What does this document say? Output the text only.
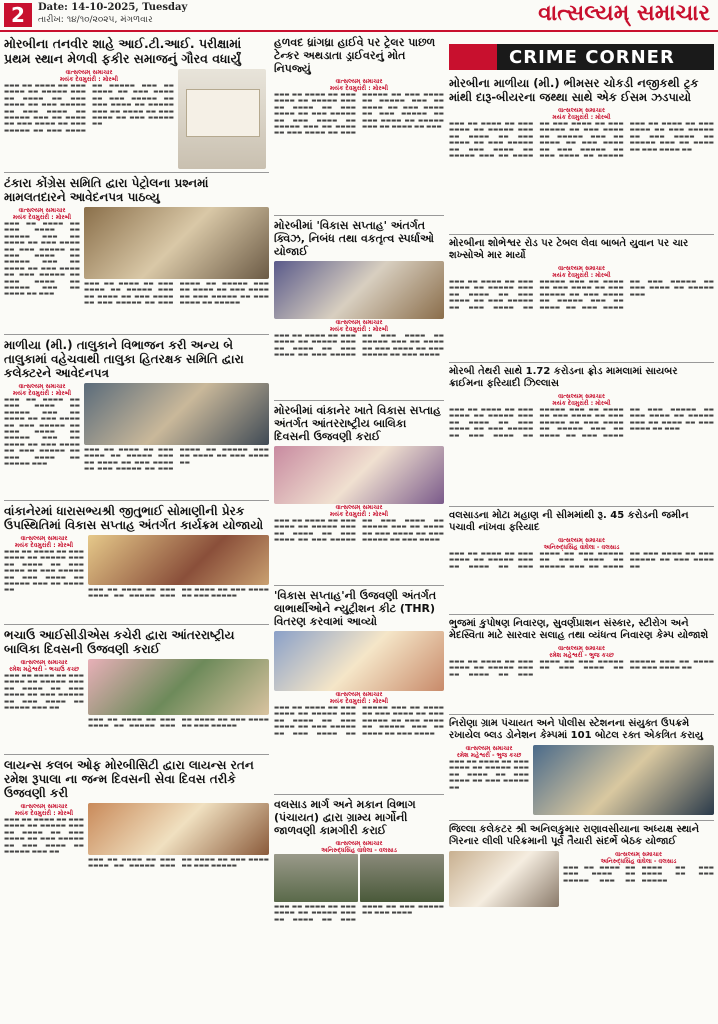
2	Date: 14-10-2025, Tuesday
તારીખ: ૧૪/૧૦/૨૦૨૫, મંગળવાર	વાત્સલ્યમ્ સમાચાર
મોરબીના તનવીર શાહે આઈ.ટી.આઈ. પરીક્ષામાં પ્રથમ સ્થાન મેળવી ફકીર સમાજનું ગૌરવ વધાર્યું
વાત્સલ્યમ્ સમાચાર
મયંક દેવમુરારી : મોરબી
▬▬▬ ▬▬ ▬▬▬▬ ▬▬ ▬▬▬ ▬▬▬▬ ▬▬ ▬▬▬▬▬ ▬▬▬ ▬▬ ▬▬▬▬ ▬▬ ▬▬▬ ▬▬▬▬ ▬▬ ▬▬▬ ▬▬▬▬▬ ▬▬ ▬▬▬ ▬▬▬▬ ▬▬ ▬▬▬▬▬ ▬▬▬ ▬▬ ▬▬▬▬ ▬▬ ▬▬▬ ▬▬▬▬ ▬▬ ▬▬▬ ▬▬▬▬▬ ▬▬ ▬▬▬ ▬▬▬▬ ▬▬ ▬▬▬▬▬ ▬▬▬ ▬▬ ▬▬▬▬ ▬▬ ▬▬▬ ▬▬▬▬ ▬▬ ▬▬▬ ▬▬▬▬▬ ▬▬ ▬▬▬ ▬▬▬▬ ▬▬ ▬▬▬▬▬ ▬▬▬ ▬▬ ▬▬▬▬ ▬▬ ▬▬▬ ▬▬▬▬ ▬▬ ▬▬▬ ▬▬▬▬▬ ▬▬
ટંકારા કોંગ્રેસ સમિતિ દ્વારા પેટ્રોલના પ્રશ્નમાં મામલતદારને આવેદનપત્ર પાઠવ્યુ
વાત્સલ્યમ્ સમાચાર
મયંક દેવમુરારી : મોરબી
▬▬▬ ▬▬ ▬▬▬▬ ▬▬ ▬▬▬ ▬▬▬▬ ▬▬ ▬▬▬▬▬ ▬▬▬ ▬▬ ▬▬▬▬ ▬▬ ▬▬▬ ▬▬▬▬ ▬▬ ▬▬▬ ▬▬▬▬▬ ▬▬ ▬▬▬ ▬▬▬▬ ▬▬ ▬▬▬▬▬ ▬▬▬ ▬▬ ▬▬▬▬ ▬▬ ▬▬▬ ▬▬▬▬ ▬▬ ▬▬▬ ▬▬▬▬▬ ▬▬ ▬▬▬ ▬▬▬▬ ▬▬ ▬▬▬▬▬ ▬▬▬ ▬▬ ▬▬▬▬ ▬▬ ▬▬▬
▬▬▬ ▬▬ ▬▬▬▬ ▬▬ ▬▬▬ ▬▬▬▬ ▬▬ ▬▬▬▬▬ ▬▬▬ ▬▬ ▬▬▬▬ ▬▬ ▬▬▬ ▬▬▬▬ ▬▬ ▬▬▬ ▬▬▬▬▬ ▬▬ ▬▬▬ ▬▬▬▬ ▬▬ ▬▬▬▬▬ ▬▬▬ ▬▬ ▬▬▬▬ ▬▬ ▬▬▬ ▬▬▬▬ ▬▬ ▬▬▬ ▬▬▬▬▬ ▬▬ ▬▬▬ ▬▬▬▬ ▬▬ ▬▬▬▬▬
માળીયા (મી.) તાલુકાને વિભાજન કરી અન્ય બે તાલુકામાં વહેચવાથી તાલુકા હિતરક્ષક સમિતિ દ્વારા કલેક્ટરને આવેદનપત્ર
વાત્સલ્યમ્ સમાચાર
મયંક દેવમુરારી : મોરબી
▬▬▬ ▬▬ ▬▬▬▬ ▬▬ ▬▬▬ ▬▬▬▬ ▬▬ ▬▬▬▬▬ ▬▬▬ ▬▬ ▬▬▬▬ ▬▬ ▬▬▬ ▬▬▬▬ ▬▬ ▬▬▬ ▬▬▬▬▬ ▬▬ ▬▬▬ ▬▬▬▬ ▬▬ ▬▬▬▬▬ ▬▬▬ ▬▬ ▬▬▬▬ ▬▬ ▬▬▬ ▬▬▬▬ ▬▬ ▬▬▬ ▬▬▬▬▬ ▬▬ ▬▬▬ ▬▬▬▬ ▬▬ ▬▬▬▬▬ ▬▬▬
▬▬▬ ▬▬ ▬▬▬▬ ▬▬ ▬▬▬ ▬▬▬▬ ▬▬ ▬▬▬▬▬ ▬▬▬ ▬▬ ▬▬▬▬ ▬▬ ▬▬▬ ▬▬▬▬ ▬▬ ▬▬▬ ▬▬▬▬▬ ▬▬ ▬▬▬ ▬▬▬▬ ▬▬ ▬▬▬▬▬ ▬▬▬ ▬▬ ▬▬▬▬ ▬▬ ▬▬▬ ▬▬▬▬ ▬▬
વાંકાનેરમાં ધારાસભ્યશ્રી જીતુભાઈ સોમાણીની પ્રેરક ઉપસ્થિતિમાં વિકાસ સપ્તાહ અંતર્ગત કાર્યક્રમ યોજાયો
વાત્સલ્યમ્ સમાચાર
મયંક દેવમુરારી : મોરબી
▬▬▬ ▬▬ ▬▬▬▬ ▬▬ ▬▬▬ ▬▬▬▬ ▬▬ ▬▬▬▬▬ ▬▬▬ ▬▬ ▬▬▬▬ ▬▬ ▬▬▬ ▬▬▬▬ ▬▬ ▬▬▬ ▬▬▬▬▬ ▬▬ ▬▬▬ ▬▬▬▬ ▬▬ ▬▬▬▬▬ ▬▬▬ ▬▬ ▬▬▬▬ ▬▬	▬▬▬ ▬▬ ▬▬▬▬ ▬▬ ▬▬▬ ▬▬▬▬ ▬▬ ▬▬▬▬▬ ▬▬▬ ▬▬ ▬▬▬▬ ▬▬ ▬▬▬ ▬▬▬▬ ▬▬ ▬▬▬ ▬▬▬▬▬
ભચાઉ આઈસીડીએસ કચેરી દ્વારા આંતરરાષ્ટ્રીય બાલિકા દિવસની ઉજવણી કરાઈ
વાત્સલ્યમ્ સમાચાર
રમેશ મહેશ્વરી - ભચાઉ કચ્છ
▬▬▬ ▬▬ ▬▬▬▬ ▬▬ ▬▬▬ ▬▬▬▬ ▬▬ ▬▬▬▬▬ ▬▬▬ ▬▬ ▬▬▬▬ ▬▬ ▬▬▬ ▬▬▬▬ ▬▬ ▬▬▬ ▬▬▬▬▬ ▬▬ ▬▬▬ ▬▬▬▬ ▬▬ ▬▬▬▬▬ ▬▬▬ ▬▬
▬▬▬ ▬▬ ▬▬▬▬ ▬▬ ▬▬▬ ▬▬▬▬ ▬▬ ▬▬▬▬▬ ▬▬▬ ▬▬ ▬▬▬▬ ▬▬ ▬▬▬ ▬▬▬▬ ▬▬ ▬▬▬ ▬▬▬▬▬
લાયન્સ કલબ ઓફ મોરબીસિટી દ્વારા લાયન્સ રતન રમેશ રૂપાલા ના જન્મ દિવસની સેવા દિવસ તરીકે ઉજવણી કરી
વાત્સલ્યમ્ સમાચાર
મયંક દેવમુરારી : મોરબી
▬▬▬ ▬▬ ▬▬▬▬ ▬▬ ▬▬▬ ▬▬▬▬ ▬▬ ▬▬▬▬▬ ▬▬▬ ▬▬ ▬▬▬▬ ▬▬ ▬▬▬ ▬▬▬▬ ▬▬ ▬▬▬ ▬▬▬▬▬ ▬▬ ▬▬▬ ▬▬▬▬ ▬▬ ▬▬▬▬▬ ▬▬▬ ▬▬
▬▬▬ ▬▬ ▬▬▬▬ ▬▬ ▬▬▬ ▬▬▬▬ ▬▬ ▬▬▬▬▬ ▬▬▬ ▬▬ ▬▬▬▬ ▬▬ ▬▬▬ ▬▬▬▬ ▬▬ ▬▬▬ ▬▬▬▬▬
હળવદ ધ્રાંગધ્રા હાઈવે પર ટ્રેલર પાછળ ટેન્કર અથડાતા ડ્રાઈવરનું મોત નિપજ્યું
વાત્સલ્યમ્ સમાચાર
મયંક દેવમુરારી : મોરબી
▬▬▬ ▬▬ ▬▬▬▬ ▬▬ ▬▬▬ ▬▬▬▬ ▬▬ ▬▬▬▬▬ ▬▬▬ ▬▬ ▬▬▬▬ ▬▬ ▬▬▬ ▬▬▬▬ ▬▬ ▬▬▬ ▬▬▬▬▬ ▬▬ ▬▬▬ ▬▬▬▬ ▬▬ ▬▬▬▬▬ ▬▬▬ ▬▬ ▬▬▬▬ ▬▬ ▬▬▬ ▬▬▬▬ ▬▬ ▬▬▬ ▬▬▬▬▬ ▬▬ ▬▬▬ ▬▬▬▬ ▬▬ ▬▬▬▬▬ ▬▬▬ ▬▬ ▬▬▬▬ ▬▬ ▬▬▬ ▬▬▬▬ ▬▬ ▬▬▬ ▬▬▬▬▬ ▬▬ ▬▬▬ ▬▬▬▬ ▬▬ ▬▬▬▬▬ ▬▬▬ ▬▬ ▬▬▬▬ ▬▬ ▬▬▬
મોરબીમાં 'વિકાસ સપ્તાહ' અંતર્ગત ક્વિઝ, નિબંધ તથા વકતૃત્વ સ્પર્ધાઓ યોજાઈ
વાત્સલ્યમ્ સમાચાર
મયંક દેવમુરારી : મોરબી
▬▬▬ ▬▬ ▬▬▬▬ ▬▬ ▬▬▬ ▬▬▬▬ ▬▬ ▬▬▬▬▬ ▬▬▬ ▬▬ ▬▬▬▬ ▬▬ ▬▬▬ ▬▬▬▬ ▬▬ ▬▬▬ ▬▬▬▬▬ ▬▬ ▬▬▬ ▬▬▬▬ ▬▬ ▬▬▬▬▬ ▬▬▬ ▬▬ ▬▬▬▬ ▬▬ ▬▬▬ ▬▬▬▬ ▬▬ ▬▬▬ ▬▬▬▬▬ ▬▬ ▬▬▬ ▬▬▬▬
મોરબીમાં વાંકાનેર ખાતે વિકાસ સપ્તાહ અંતર્ગત આંતરરાષ્ટ્રીય બાલિકા દિવસની ઉજવણી કરાઈ
વાત્સલ્યમ્ સમાચાર
મયંક દેવમુરારી : મોરબી
▬▬▬ ▬▬ ▬▬▬▬ ▬▬ ▬▬▬ ▬▬▬▬ ▬▬ ▬▬▬▬▬ ▬▬▬ ▬▬ ▬▬▬▬ ▬▬ ▬▬▬ ▬▬▬▬ ▬▬ ▬▬▬ ▬▬▬▬▬ ▬▬ ▬▬▬ ▬▬▬▬ ▬▬ ▬▬▬▬▬ ▬▬▬ ▬▬ ▬▬▬▬ ▬▬ ▬▬▬ ▬▬▬▬ ▬▬ ▬▬▬ ▬▬▬▬▬ ▬▬ ▬▬▬ ▬▬▬▬
'વિકાસ સપ્તાહ'ની ઉજવણી અંતર્ગત લાભાર્થીઓને ન્યુટ્રીશન કીટ (THR) વિતરણ કરવામાં આવ્યો
વાત્સલ્યમ્ સમાચાર
મયંક દેવમુરારી : મોરબી
▬▬▬ ▬▬ ▬▬▬▬ ▬▬ ▬▬▬ ▬▬▬▬ ▬▬ ▬▬▬▬▬ ▬▬▬ ▬▬ ▬▬▬▬ ▬▬ ▬▬▬ ▬▬▬▬ ▬▬ ▬▬▬ ▬▬▬▬▬ ▬▬ ▬▬▬ ▬▬▬▬ ▬▬ ▬▬▬▬▬ ▬▬▬ ▬▬ ▬▬▬▬ ▬▬ ▬▬▬ ▬▬▬▬ ▬▬ ▬▬▬ ▬▬▬▬▬ ▬▬ ▬▬▬ ▬▬▬▬ ▬▬ ▬▬▬▬▬ ▬▬▬ ▬▬ ▬▬▬▬ ▬▬ ▬▬▬ ▬▬▬▬
વલસાડ માર્ગ અને મકાન વિભાગ (પંચાયત) દ્વારા ગ્રામ્ય માર્ગોની જાળવણી કામગીરી કરાઈ
વાત્સલ્યમ્ સમાચાર
અનિરુદ્ધસિંહ વાઘેલા - વલસાડ
▬▬▬ ▬▬ ▬▬▬▬ ▬▬ ▬▬▬ ▬▬▬▬ ▬▬ ▬▬▬▬▬ ▬▬▬ ▬▬ ▬▬▬▬ ▬▬ ▬▬▬ ▬▬▬▬ ▬▬ ▬▬▬ ▬▬▬▬▬ ▬▬ ▬▬▬ ▬▬▬▬
CRIME CORNER
મોરબીના માળીયા (મી.) ભીમસર ચોકડી નજીકથી ટ્રક માંથી દારૂ-બીયરના જથ્થા સાથે એક ઈસમ ઝડપાયો
વાત્સલ્યમ્ સમાચાર
મયંક દેવમુરારી : મોરબી
▬▬▬ ▬▬ ▬▬▬▬ ▬▬ ▬▬▬ ▬▬▬▬ ▬▬ ▬▬▬▬▬ ▬▬▬ ▬▬ ▬▬▬▬ ▬▬ ▬▬▬ ▬▬▬▬ ▬▬ ▬▬▬ ▬▬▬▬▬ ▬▬ ▬▬▬ ▬▬▬▬ ▬▬ ▬▬▬▬▬ ▬▬▬ ▬▬ ▬▬▬▬ ▬▬ ▬▬▬ ▬▬▬▬ ▬▬ ▬▬▬ ▬▬▬▬▬ ▬▬ ▬▬▬ ▬▬▬▬ ▬▬ ▬▬▬▬▬ ▬▬▬ ▬▬ ▬▬▬▬ ▬▬ ▬▬▬ ▬▬▬▬ ▬▬ ▬▬▬ ▬▬▬▬▬ ▬▬ ▬▬▬ ▬▬▬▬ ▬▬ ▬▬▬▬▬ ▬▬▬ ▬▬ ▬▬▬▬ ▬▬ ▬▬▬ ▬▬▬▬ ▬▬ ▬▬▬ ▬▬▬▬▬ ▬▬ ▬▬▬ ▬▬▬▬ ▬▬ ▬▬▬▬▬ ▬▬▬ ▬▬ ▬▬▬▬ ▬▬ ▬▬▬ ▬▬▬▬ ▬▬
મોરબીના શોભેશ્વર રોડ પર ટેબલ લેવા બાબતે યુવાન પર ચાર શખ્સોએ માર માર્યો
વાત્સલ્યમ્ સમાચાર
મયંક દેવમુરારી : મોરબી
▬▬▬ ▬▬ ▬▬▬▬ ▬▬ ▬▬▬ ▬▬▬▬ ▬▬ ▬▬▬▬▬ ▬▬▬ ▬▬ ▬▬▬▬ ▬▬ ▬▬▬ ▬▬▬▬ ▬▬ ▬▬▬ ▬▬▬▬▬ ▬▬ ▬▬▬ ▬▬▬▬ ▬▬ ▬▬▬▬▬ ▬▬▬ ▬▬ ▬▬▬▬ ▬▬ ▬▬▬ ▬▬▬▬ ▬▬ ▬▬▬ ▬▬▬▬▬ ▬▬ ▬▬▬ ▬▬▬▬ ▬▬ ▬▬▬▬▬ ▬▬▬ ▬▬ ▬▬▬▬ ▬▬ ▬▬▬ ▬▬▬▬ ▬▬ ▬▬▬ ▬▬▬▬▬ ▬▬ ▬▬▬ ▬▬▬▬ ▬▬ ▬▬▬▬▬ ▬▬▬
મોરબી તેથરી સાથે 1.72 કરોડના ફ્રોડ મામલામાં સાયબર ક્રાઈમના ફરિયાદી ઝિલ્લાસ
વાત્સલ્યમ્ સમાચાર
મયંક દેવમુરારી : મોરબી
▬▬▬ ▬▬ ▬▬▬▬ ▬▬ ▬▬▬ ▬▬▬▬ ▬▬ ▬▬▬▬▬ ▬▬▬ ▬▬ ▬▬▬▬ ▬▬ ▬▬▬ ▬▬▬▬ ▬▬ ▬▬▬ ▬▬▬▬▬ ▬▬ ▬▬▬ ▬▬▬▬ ▬▬ ▬▬▬▬▬ ▬▬▬ ▬▬ ▬▬▬▬ ▬▬ ▬▬▬ ▬▬▬▬ ▬▬ ▬▬▬ ▬▬▬▬▬ ▬▬ ▬▬▬ ▬▬▬▬ ▬▬ ▬▬▬▬▬ ▬▬▬ ▬▬ ▬▬▬▬ ▬▬ ▬▬▬ ▬▬▬▬ ▬▬ ▬▬▬ ▬▬▬▬▬ ▬▬ ▬▬▬ ▬▬▬▬ ▬▬ ▬▬▬▬▬ ▬▬▬ ▬▬ ▬▬▬▬ ▬▬ ▬▬▬ ▬▬▬▬ ▬▬ ▬▬▬
વલસાડના મોટા મહાણ ની સીમમાંથી રૂ. 45 કરોડની જમીન પચાવી નાંખવા ફરિયાદ
વાત્સલ્યમ્ સમાચાર
અનિરુદ્ધસિંહ વાઘેલા - વલસાડ
▬▬▬ ▬▬ ▬▬▬▬ ▬▬ ▬▬▬ ▬▬▬▬ ▬▬ ▬▬▬▬▬ ▬▬▬ ▬▬ ▬▬▬▬ ▬▬ ▬▬▬ ▬▬▬▬ ▬▬ ▬▬▬ ▬▬▬▬▬ ▬▬ ▬▬▬ ▬▬▬▬ ▬▬ ▬▬▬▬▬ ▬▬▬ ▬▬ ▬▬▬▬ ▬▬ ▬▬▬ ▬▬▬▬ ▬▬ ▬▬▬ ▬▬▬▬▬ ▬▬ ▬▬▬ ▬▬▬▬ ▬▬
ભુજમાં કુપોષણ નિવારણ, સુવર્ણપ્રાશન સંસ્કાર, સ્ટીરોગ અને મેદસ્વિતા માટે સારવાર સલાહ તથા વ્યંધત્વ નિવારણ કેમ્પ યોજાશે
વાત્સલ્યમ્ સમાચાર
રમેશ મહેશ્વરી - ભુજ કચ્છ
▬▬▬ ▬▬ ▬▬▬▬ ▬▬ ▬▬▬ ▬▬▬▬ ▬▬ ▬▬▬▬▬ ▬▬▬ ▬▬ ▬▬▬▬ ▬▬ ▬▬▬ ▬▬▬▬ ▬▬ ▬▬▬ ▬▬▬▬▬ ▬▬ ▬▬▬ ▬▬▬▬ ▬▬ ▬▬▬▬▬ ▬▬▬ ▬▬ ▬▬▬▬ ▬▬ ▬▬▬ ▬▬▬▬ ▬▬
નિરોણા ગ્રામ પંચાયત અને પોલીસ સ્ટેશનના સંયુક્ત ઉપક્રમે રખાયેલ બ્લડ ડોનેશન કેમ્પમાં 101 બોટલ રક્ત એકત્રિત કરાયુ
વાત્સલ્યમ્ સમાચાર
રમેશ મહેશ્વરી - ભુજ કચ્છ
▬▬▬ ▬▬ ▬▬▬▬ ▬▬ ▬▬▬ ▬▬▬▬ ▬▬ ▬▬▬▬▬ ▬▬▬ ▬▬ ▬▬▬▬ ▬▬ ▬▬▬ ▬▬▬▬ ▬▬ ▬▬▬ ▬▬▬▬▬ ▬▬
જિલ્લા કલેકટર શ્રી અનિલકુમાર રાણાવસીયાના અધ્યક્ષ સ્થાને ગિરનાર લીલી પરિક્રમાની પૂર્વ તૈયારી સંદર્ભે બેઠક યોજાઈ
વાત્સલ્યમ્ સમાચાર
અનિરુદ્ધસિંહ વાઘેલા - વલસાડ
▬▬▬ ▬▬ ▬▬▬▬ ▬▬ ▬▬▬ ▬▬▬▬ ▬▬ ▬▬▬▬▬ ▬▬▬ ▬▬ ▬▬▬▬ ▬▬ ▬▬▬ ▬▬▬▬ ▬▬ ▬▬▬ ▬▬▬▬▬
